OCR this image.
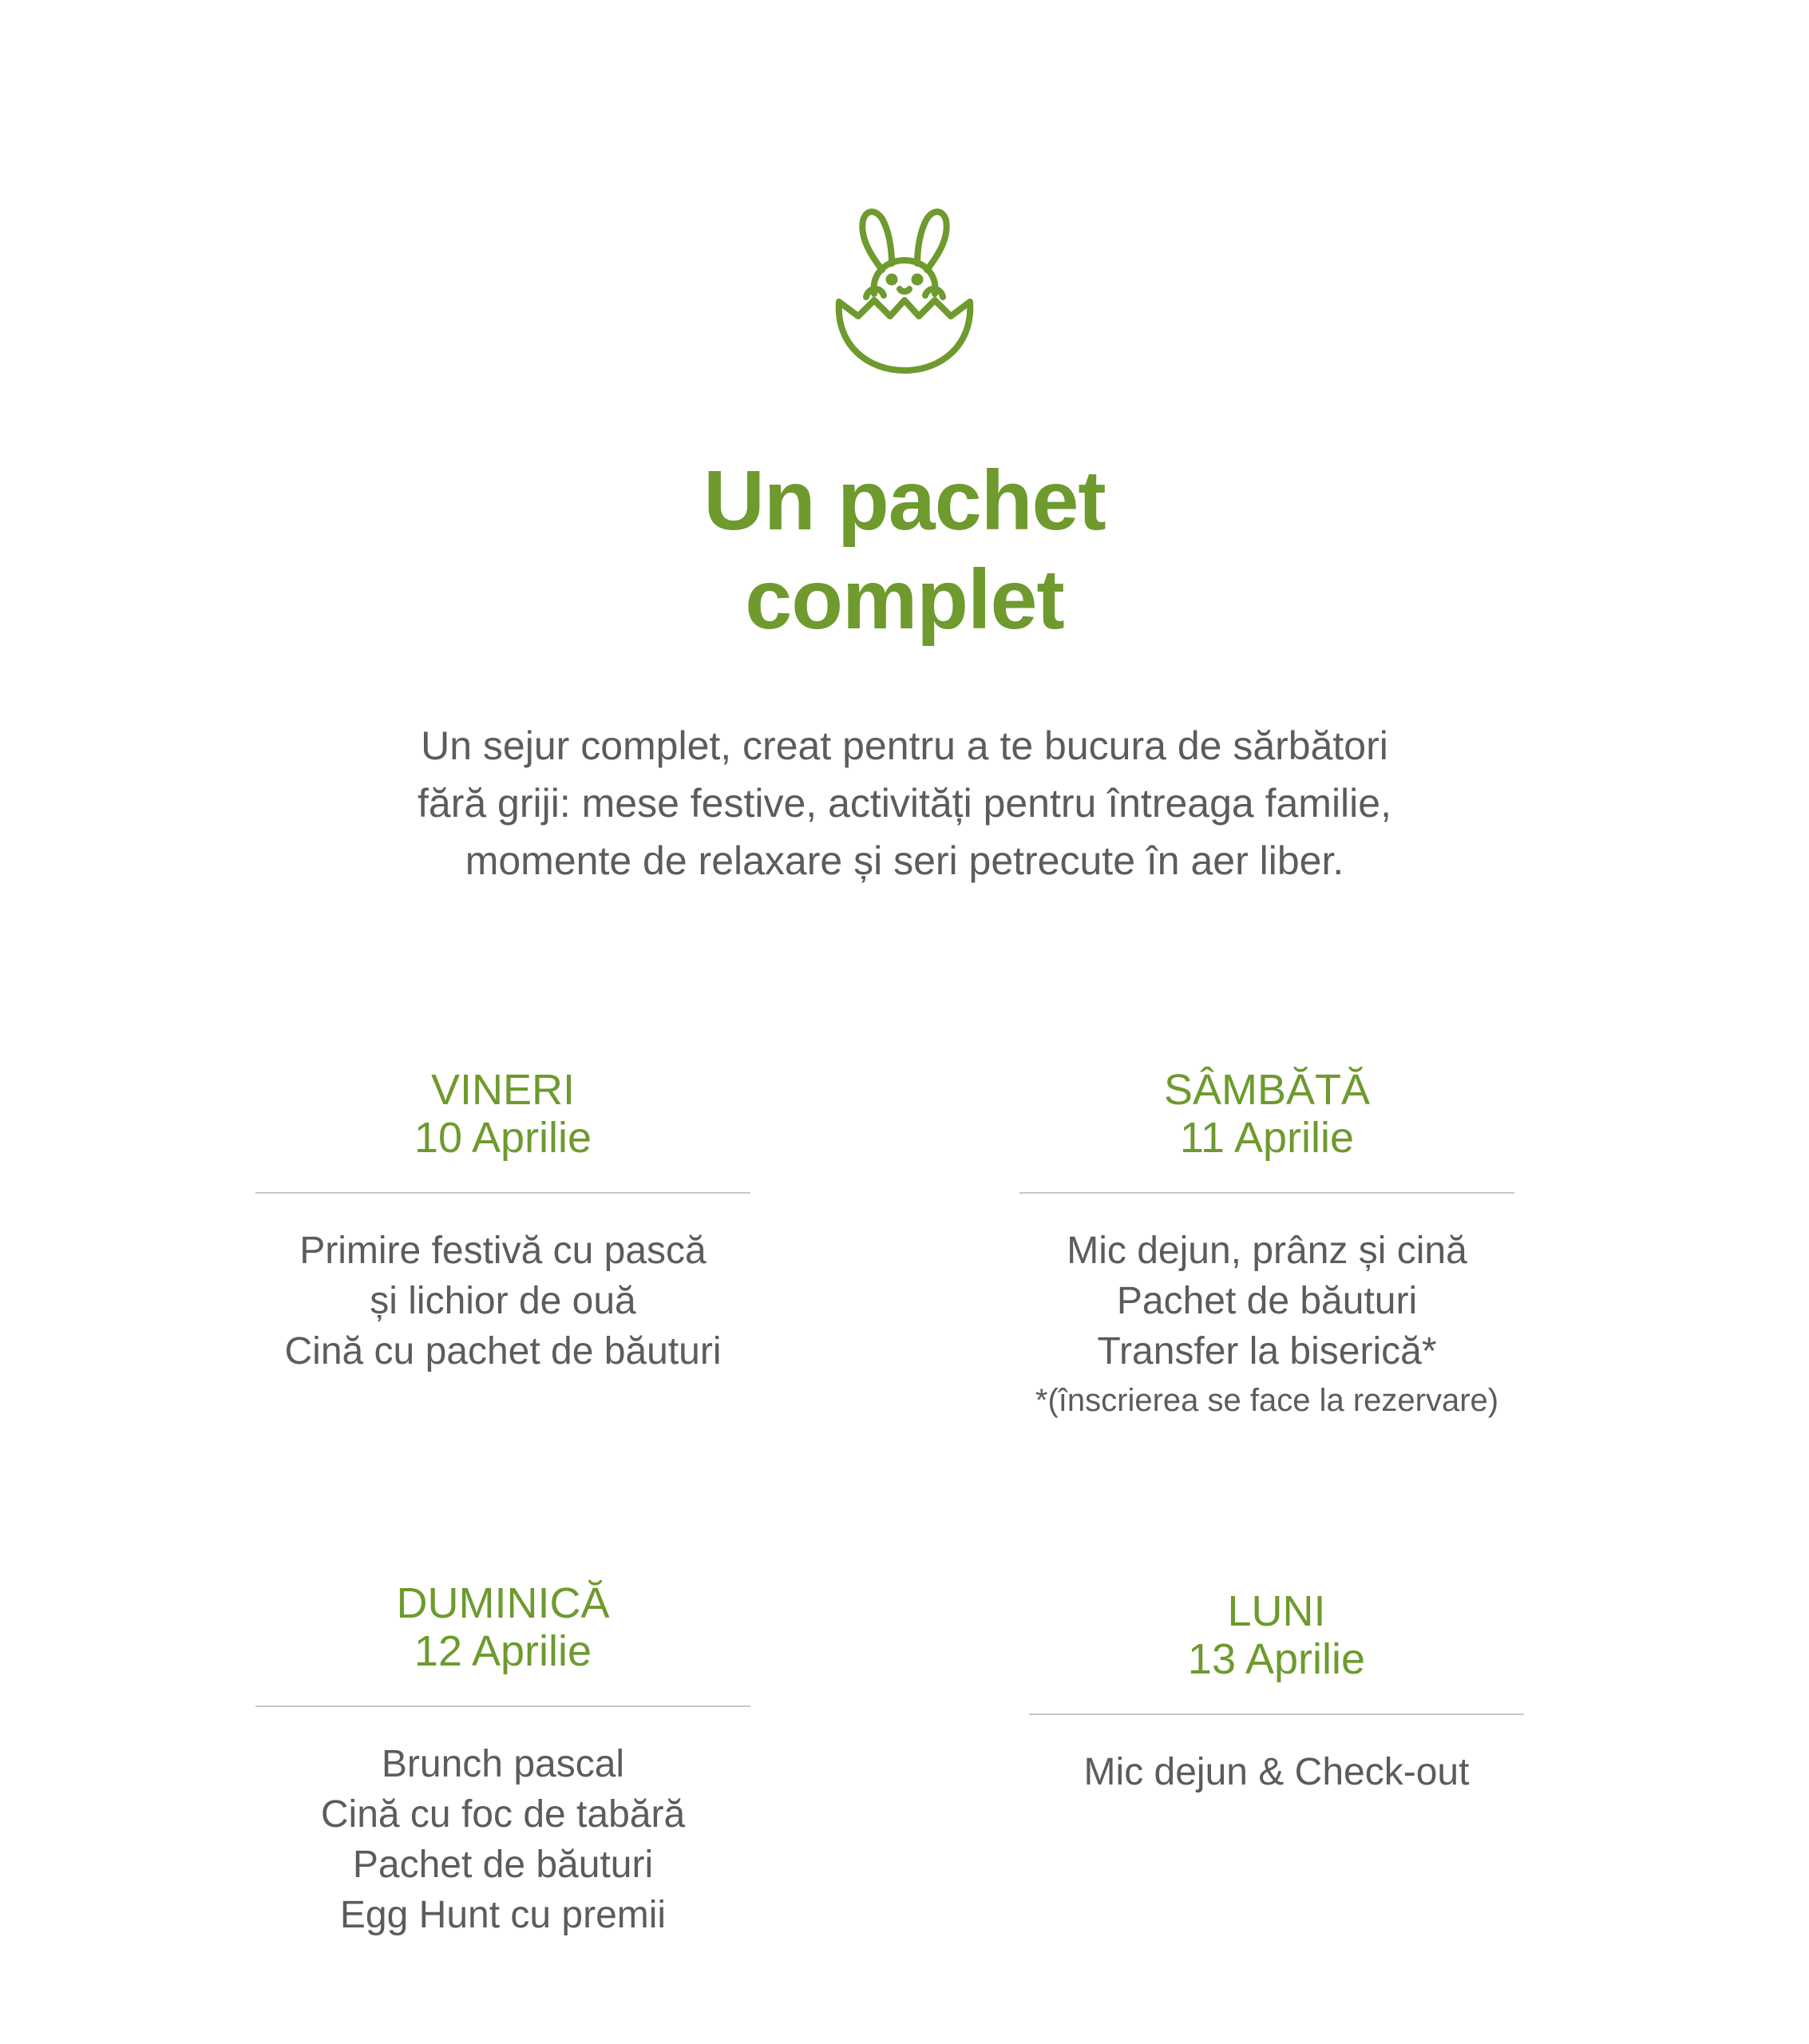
Un pachet
complet
Un sejur complet, creat pentru a te bucura de sărbători
fără griji: mese festive, activități pentru întreaga familie,
momente de relaxare și seri petrecute în aer liber.
VINERI
10 Aprilie
Primire festivă cu pască
și lichior de ouă
Cină cu pachet de băuturi
SÂMBĂTĂ
11 Aprilie
Mic dejun, prânz și cină
Pachet de băuturi
Transfer la biserică*
*(înscrierea se face la rezervare)
DUMINICĂ
12 Aprilie
Brunch pascal
Cină cu foc de tabără
Pachet de băuturi
Egg Hunt cu premii
LUNI
13 Aprilie
Mic dejun & Check-out
